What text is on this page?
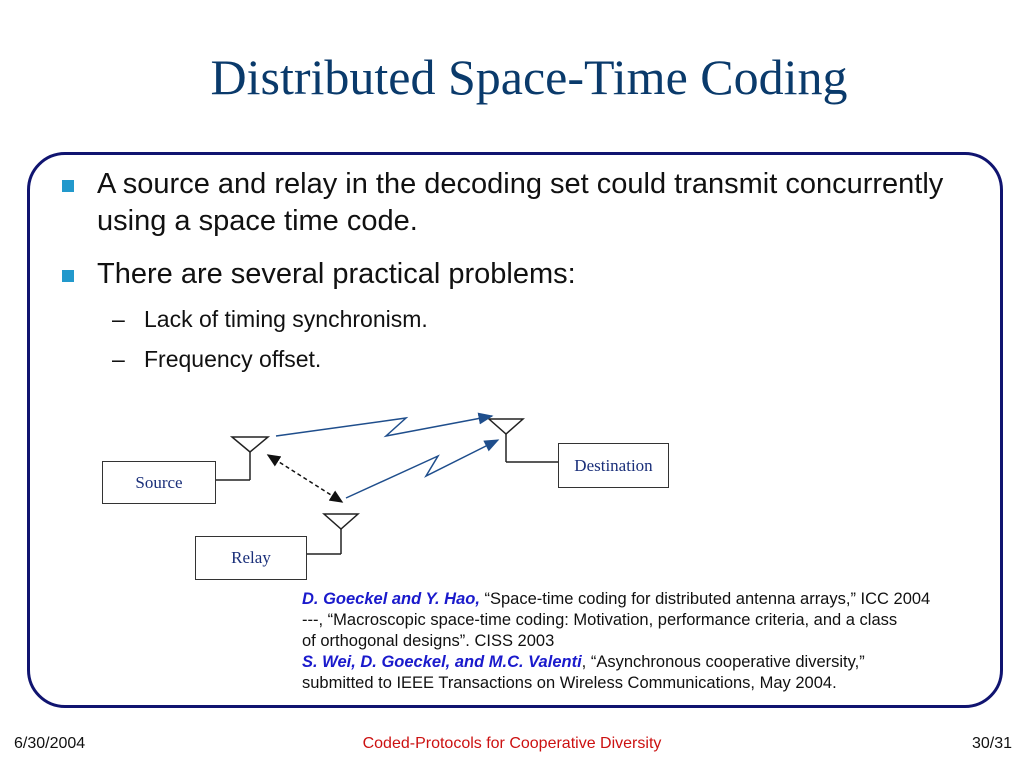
Distributed Space-Time Coding
A source and relay in the decoding set could transmit concurrently using a space time code.
There are several practical problems:
– Lack of timing synchronism.
– Frequency offset.
Source
Relay
Destination
D. Goeckel and Y. Hao, “Space-time coding for distributed antenna arrays,” ICC 2004
---, “Macroscopic space-time coding: Motivation, performance criteria, and a class
of orthogonal designs”. CISS 2003
S. Wei, D. Goeckel, and M.C. Valenti, “Asynchronous cooperative diversity,”
submitted to IEEE Transactions on Wireless Communications, May 2004.
Coded-Protocols for Cooperative Diversity
6/30/2004	30/31
